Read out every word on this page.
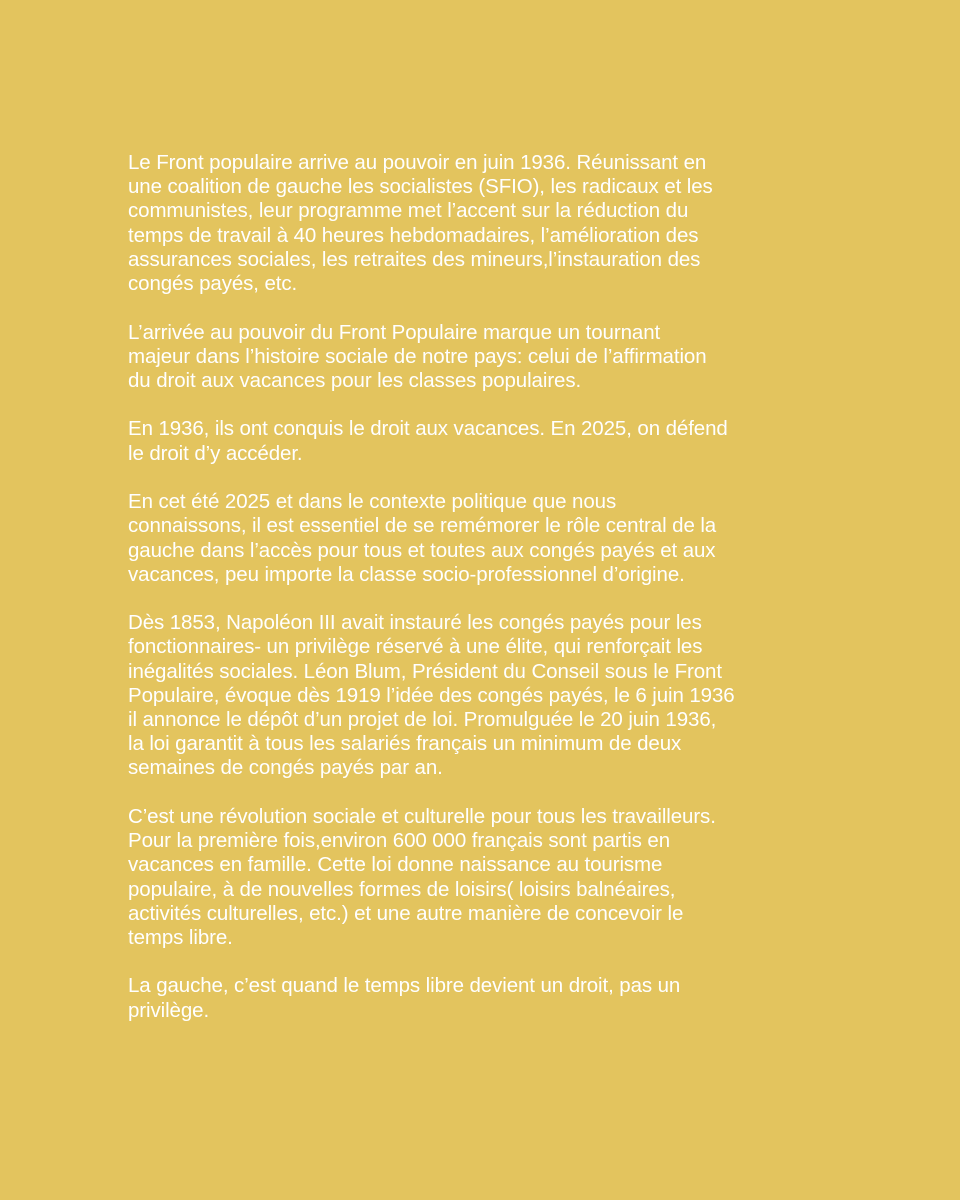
Le Front populaire arrive au pouvoir en juin 1936. Réunissant en
une coalition de gauche les socialistes (SFIO), les radicaux et les
communistes, leur programme met l’accent sur la réduction du
temps de travail à 40 heures hebdomadaires, l’amélioration des
assurances sociales, les retraites des mineurs,l’instauration des
congés payés, etc.

L’arrivée au pouvoir du Front Populaire marque un tournant
majeur dans l’histoire sociale de notre pays: celui de l’affirmation
du droit aux vacances pour les classes populaires.

En 1936, ils ont conquis le droit aux vacances. En 2025, on défend
le droit d’y accéder.

En cet été 2025 et dans le contexte politique que nous
connaissons, il est essentiel de se remémorer le rôle central de la
gauche dans l’accès pour tous et toutes aux congés payés et aux
vacances, peu importe la classe socio-professionnel d’origine.

Dès 1853, Napoléon III avait instauré les congés payés pour les
fonctionnaires- un privilège réservé à une élite, qui renforçait les
inégalités sociales. Léon Blum, Président du Conseil sous le Front
Populaire, évoque dès 1919 l’idée des congés payés, le 6 juin 1936
il annonce le dépôt d’un projet de loi. Promulguée le 20 juin 1936,
la loi garantit à tous les salariés français un minimum de deux
semaines de congés payés par an.

C’est une révolution sociale et culturelle pour tous les travailleurs.
Pour la première fois,environ 600 000 français sont partis en
vacances en famille. Cette loi donne naissance au tourisme
populaire, à de nouvelles formes de loisirs( loisirs balnéaires,
activités culturelles, etc.) et une autre manière de concevoir le
temps libre.

La gauche, c’est quand le temps libre devient un droit, pas un
privilège.
